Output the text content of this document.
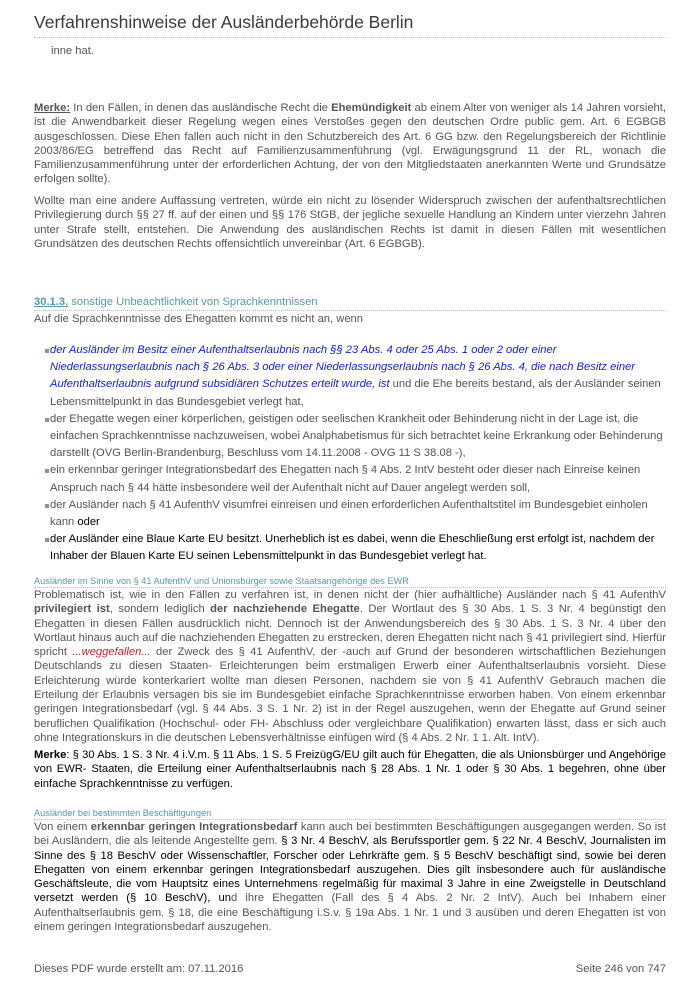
Verfahrenshinweise der Ausländerbehörde Berlin
inne hat.
Merke: In den Fällen, in denen das ausländische Recht die Ehemündigkeit ab einem Alter von weniger als 14 Jahren vorsieht, ist die Anwendbarkeit dieser Regelung wegen eines Verstoßes gegen den deutschen Ordre public gem. Art. 6 EGBGB ausgeschlossen. Diese Ehen fallen auch nicht in den Schutzbereich des Art. 6 GG bzw. den Regelungsbereich der Richtlinie 2003/86/EG betreffend das Recht auf Familienzusammenführung (vgl. Erwägungsgrund 11 der RL, wonach die Familienzusammenführung unter der erforderlichen Achtung, der von den Mitgliedstaaten anerkannten Werte und Grundsätze erfolgen sollte).
Wollte man eine andere Auffassung vertreten, würde ein nicht zu lösender Widerspruch zwischen der aufenthaltsrechtlichen Privilegierung durch §§ 27 ff. auf der einen und §§ 176 StGB, der jegliche sexuelle Handlung an Kindern unter vierzehn Jahren unter Strafe stellt, entstehen. Die Anwendung des ausländischen Rechts ist damit in diesen Fällen mit wesentlichen Grundsätzen des deutschen Rechts offensichtlich unvereinbar (Art. 6 EGBGB).
30.1.3. sonstige Unbeachtlichkeit von Sprachkenntnissen
Auf die Sprachkenntnisse des Ehegatten kommt es nicht an, wenn
der Ausländer im Besitz einer Aufenthaltserlaubnis nach §§ 23 Abs. 4 oder 25 Abs. 1 oder 2 oder einer Niederlassungserlaubnis nach § 26 Abs. 3 oder einer Niederlassungserlaubnis nach § 26 Abs. 4, die nach Besitz einer Aufenthaltserlaubnis aufgrund subsidiären Schutzes erteilt wurde, ist und die Ehe bereits bestand, als der Ausländer seinen Lebensmittelpunkt in das Bundesgebiet verlegt hat,
der Ehegatte wegen einer körperlichen, geistigen oder seelischen Krankheit oder Behinderung nicht in der Lage ist, die einfachen Sprachkenntnisse nachzuweisen, wobei Analphabetismus für sich betrachtet keine Erkrankung oder Behinderung darstellt (OVG Berlin-Brandenburg, Beschluss vom 14.11.2008 - OVG 11 S 38.08 -),
ein erkennbar geringer Integrationsbedarf des Ehegatten nach § 4 Abs. 2 IntV besteht oder dieser nach Einreise keinen Anspruch nach § 44 hätte insbesondere weil der Aufenthalt nicht auf Dauer angelegt werden soll,
der Ausländer nach § 41 AufenthV visumfrei einreisen und einen erforderlichen Aufenthaltstitel im Bundesgebiet einholen kann oder
der Ausländer eine Blaue Karte EU besitzt. Unerheblich ist es dabei, wenn die Eheschließung erst erfolgt ist, nachdem der Inhaber der Blauen Karte EU seinen Lebensmittelpunkt in das Bundesgebiet verlegt hat.
Ausländer im Sinne von § 41 AufenthV und Unionsbürger sowie Staatsangehörige des EWR
Problematisch ist, wie in den Fällen zu verfahren ist, in denen nicht der (hier aufhältliche) Ausländer nach § 41 AufenthV privilegiert ist, sondern lediglich der nachziehende Ehegatte. Der Wortlaut des § 30 Abs. 1 S. 3 Nr. 4 begünstigt den Ehegatten in diesen Fällen ausdrücklich nicht. Dennoch ist der Anwendungsbereich des § 30 Abs. 1 S. 3 Nr. 4 über den Wortlaut hinaus auch auf die nachziehenden Ehegatten zu erstrecken, deren Ehegatten nicht nach § 41 privilegiert sind. Hierfür spricht ...weggefallen... der Zweck des § 41 AufenthV, der -auch auf Grund der besonderen wirtschaftlichen Beziehungen Deutschlands zu diesen Staaten- Erleichterungen beim erstmaligen Erwerb einer Aufenthaltserlaubnis vorsieht. Diese Erleichterung würde konterkariert wollte man diesen Personen, nachdem sie von § 41 AufenthV Gebrauch machen die Erteilung der Erlaubnis versagen bis sie im Bundesgebiet einfache Sprachkenntnisse erworben haben. Von einem erkennbar geringen Integrationsbedarf (vgl. § 44 Abs. 3 S. 1 Nr. 2) ist in der Regel auszugehen, wenn der Ehegatte auf Grund seiner beruflichen Qualifikation (Hochschul- oder FH- Abschluss oder vergleichbare Qualifikation) erwarten lässt, dass er sich auch ohne Integrationskurs in die deutschen Lebensverhältnisse einfügen wird (§ 4 Abs. 2 Nr. 1 1. Alt. IntV).
Merke: § 30 Abs. 1 S. 3 Nr. 4 i.V.m. § 11 Abs. 1 S. 5 FreizügG/EU gilt auch für Ehegatten, die als Unionsbürger und Angehörige von EWR- Staaten, die Erteilung einer Aufenthaltserlaubnis nach § 28 Abs. 1 Nr. 1 oder § 30 Abs. 1 begehren, ohne über einfache Sprachkenntnisse zu verfügen.
Ausländer bei bestimmten Beschäftigungen
Von einem erkennbar geringen Integrationsbedarf kann auch bei bestimmten Beschäftigungen ausgegangen werden. So ist bei Ausländern, die als leitende Angestellte gem. § 3 Nr. 4 BeschV, als Berufssportler gem. § 22 Nr. 4 BeschV, Journalisten im Sinne des § 18 BeschV oder Wissenschaftler, Forscher oder Lehrkräfte gem. § 5 BeschV beschäftigt sind, sowie bei deren Ehegatten von einem erkennbar geringen Integrationsbedarf auszugehen. Dies gilt insbesondere auch für ausländische Geschäftsleute, die vom Hauptsitz eines Unternehmens regelmäßig für maximal 3 Jahre in eine Zweigstelle in Deutschland versetzt werden (§ 10 BeschV), und ihre Ehegatten (Fall des § 4 Abs. 2 Nr. 2 IntV). Auch bei Inhabern einer Aufenthaltserlaubnis gem. § 18, die eine Beschäftigung i.S.v. § 19a Abs. 1 Nr. 1 und 3 ausüben und deren Ehegatten ist von einem geringen Integrationsbedarf auszugehen.
Dieses PDF wurde erstellt am: 07.11.2016	Seite 246 von 747
